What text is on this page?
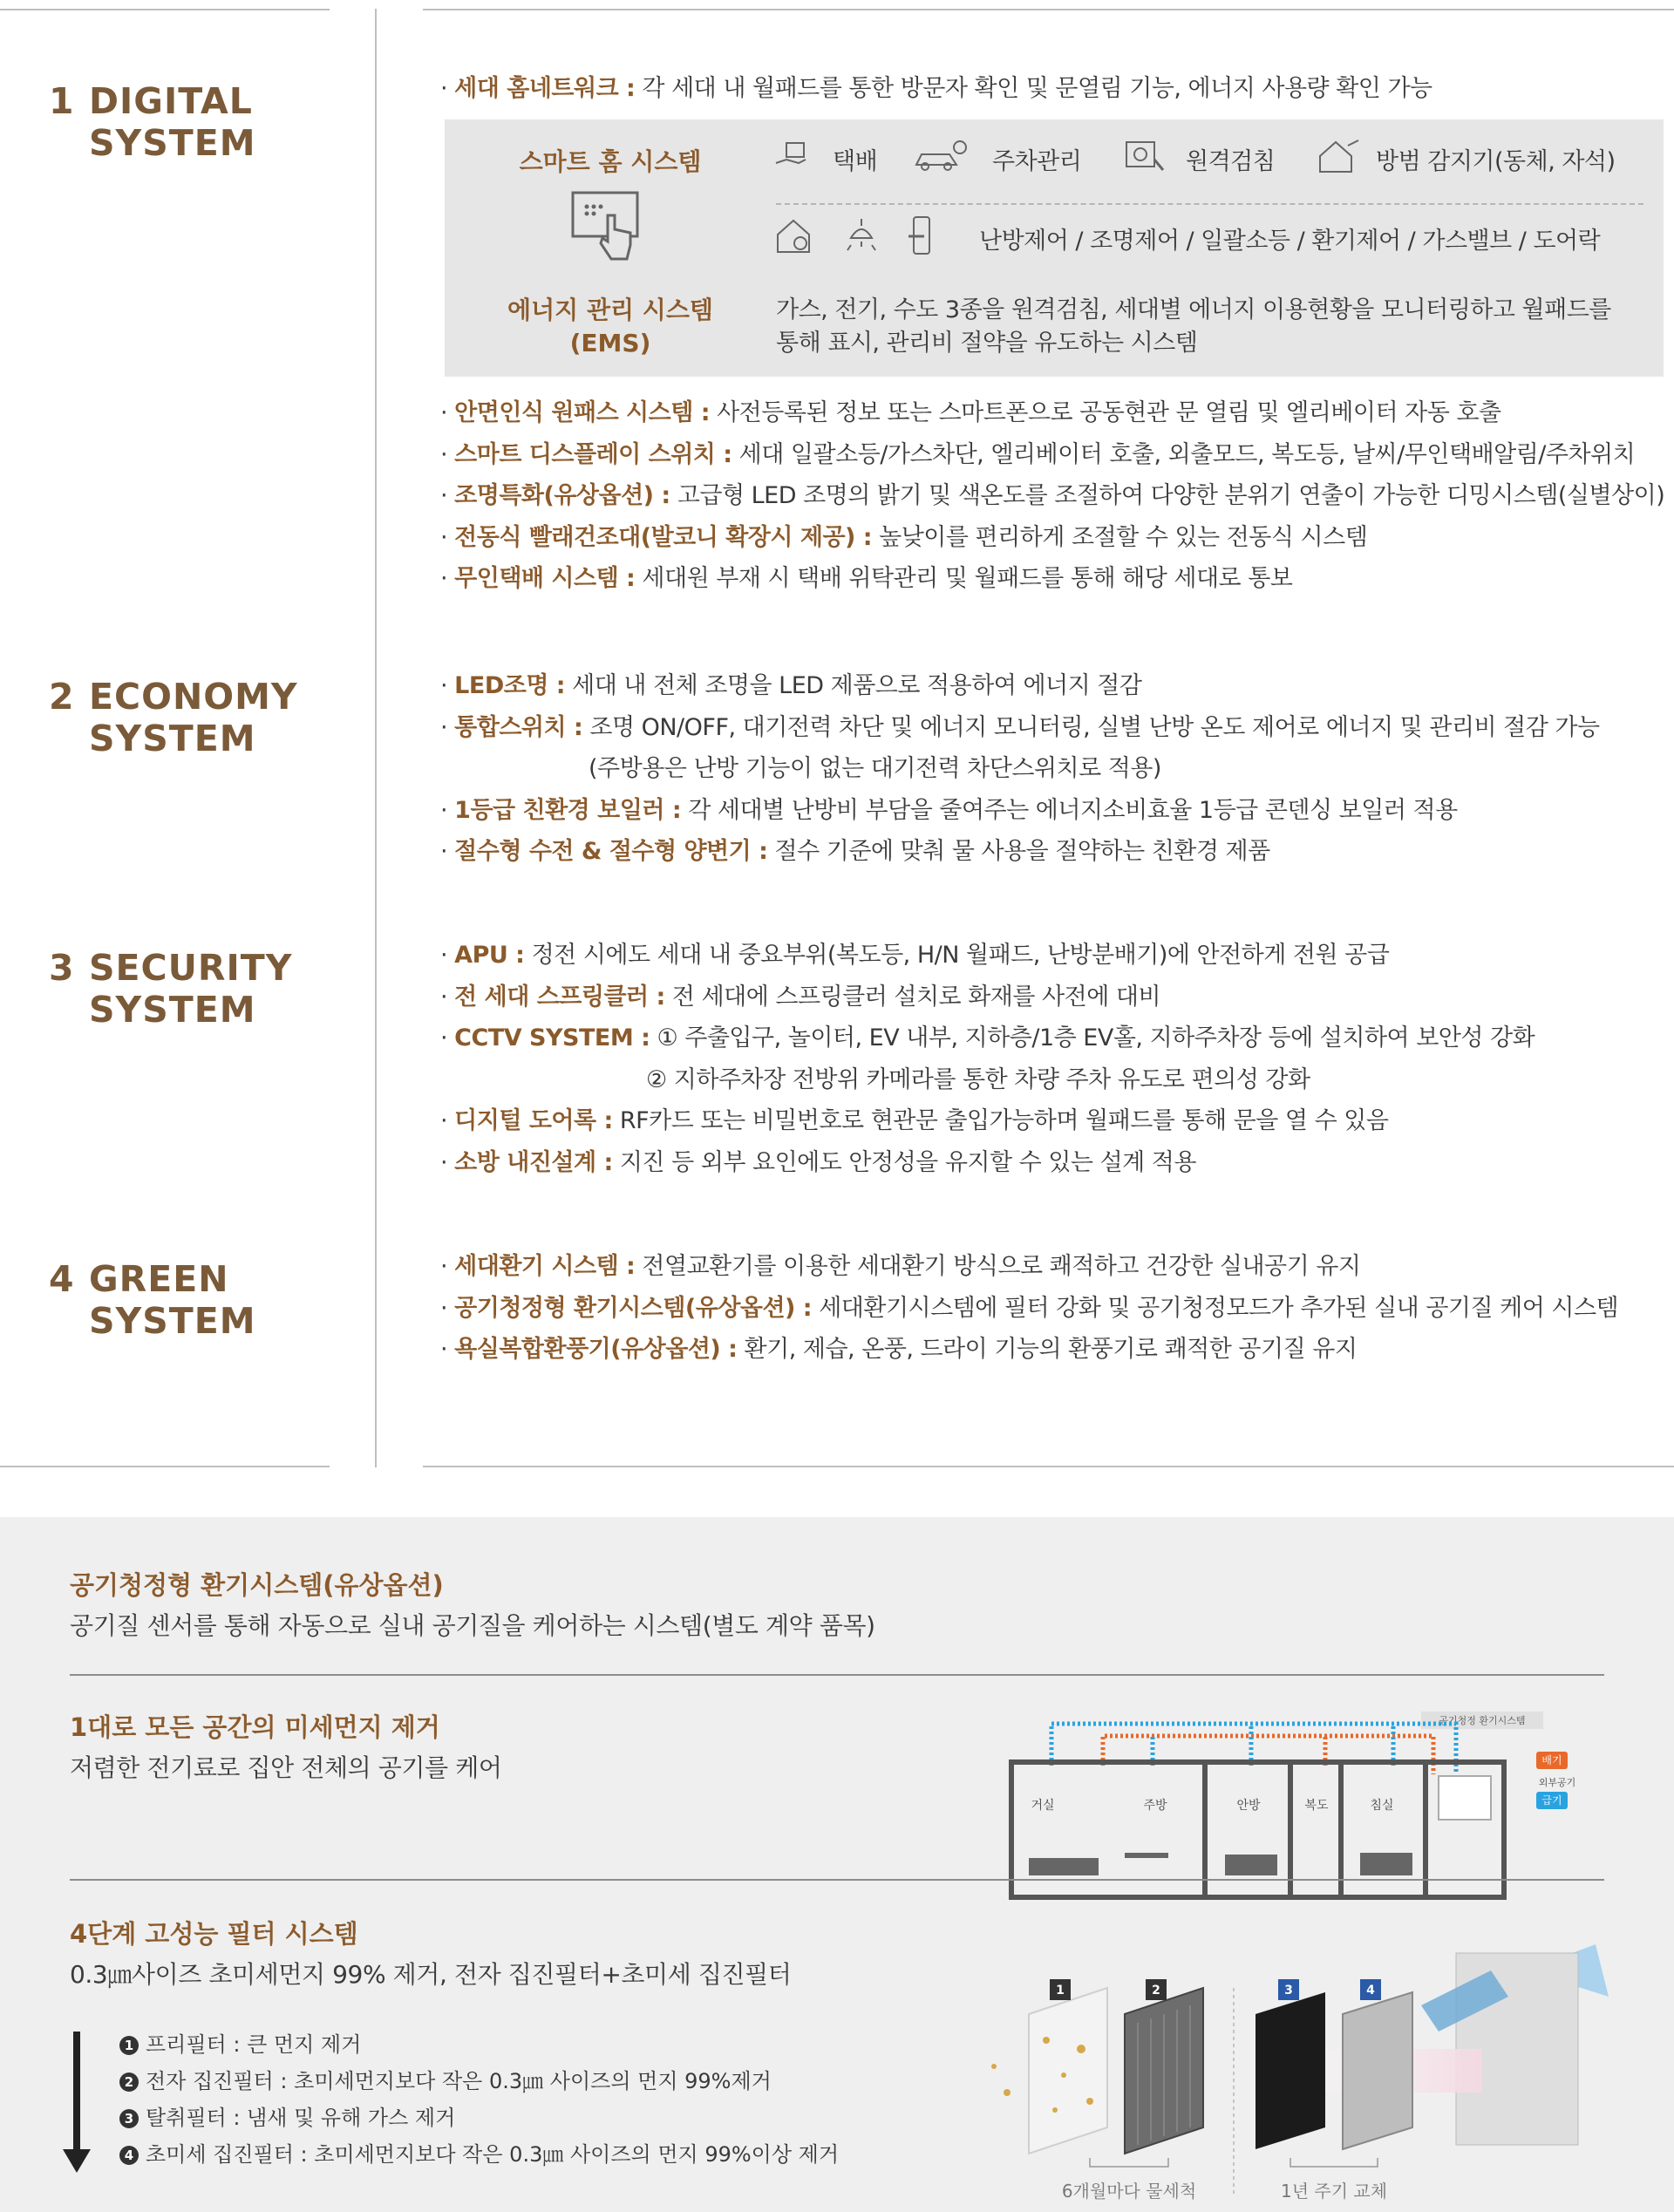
1 DIGITAL
SYSTEM
2 ECONOMY
SYSTEM
3 SECURITY
SYSTEM
4 GREEN
SYSTEM
· 세대 홈네트워크 : 각 세대 내 월패드를 통한 방문자 확인 및 문열림 기능, 에너지 사용량 확인 가능
스마트 홈 시스템
에너지 관리 시스템
(EMS)
택배	주차관리	원격검침	방범 감지기(동체, 자석)
난방제어 / 조명제어 / 일괄소등 / 환기제어 / 가스밸브 / 도어락
가스, 전기, 수도 3종을 원격검침, 세대별 에너지 이용현황을 모니터링하고 월패드를
통해 표시, 관리비 절약을 유도하는 시스템
· 안면인식 원패스 시스템 : 사전등록된 정보 또는 스마트폰으로 공동현관 문 열림 및 엘리베이터 자동 호출
· 스마트 디스플레이 스위치 : 세대 일괄소등/가스차단, 엘리베이터 호출, 외출모드, 복도등, 날씨/무인택배알림/주차위치
· 조명특화(유상옵션) : 고급형 LED 조명의 밝기 및 색온도를 조절하여 다양한 분위기 연출이 가능한 디밍시스템(실별상이)
· 전동식 빨래건조대(발코니 확장시 제공) : 높낮이를 편리하게 조절할 수 있는 전동식 시스템
· 무인택배 시스템 : 세대원 부재 시 택배 위탁관리 및 월패드를 통해 해당 세대로 통보
· LED조명 : 세대 내 전체 조명을 LED 제품으로 적용하여 에너지 절감
· 통합스위치 : 조명 ON/OFF, 대기전력 차단 및 에너지 모니터링, 실별 난방 온도 제어로 에너지 및 관리비 절감 가능
(주방용은 난방 기능이 없는 대기전력 차단스위치로 적용)
· 1등급 친환경 보일러 : 각 세대별 난방비 부담을 줄여주는 에너지소비효율 1등급 콘덴싱 보일러 적용
· 절수형 수전 & 절수형 양변기 : 절수 기준에 맞춰 물 사용을 절약하는 친환경 제품
· APU : 정전 시에도 세대 내 중요부위(복도등, H/N 월패드, 난방분배기)에 안전하게 전원 공급
· 전 세대 스프링클러 : 전 세대에 스프링클러 설치로 화재를 사전에 대비
· CCTV SYSTEM : ① 주출입구, 놀이터, EV 내부, 지하층/1층 EV홀, 지하주차장 등에 설치하여 보안성 강화
② 지하주차장 전방위 카메라를 통한 차량 주차 유도로 편의성 강화
· 디지털 도어록 : RF카드 또는 비밀번호로 현관문 출입가능하며 월패드를 통해 문을 열 수 있음
· 소방 내진설계 : 지진 등 외부 요인에도 안정성을 유지할 수 있는 설계 적용
· 세대환기 시스템 : 전열교환기를 이용한 세대환기 방식으로 쾌적하고 건강한 실내공기 유지
· 공기청정형 환기시스템(유상옵션) : 세대환기시스템에 필터 강화 및 공기청정모드가 추가된 실내 공기질 케어 시스템
· 욕실복합환풍기(유상옵션) : 환기, 제습, 온풍, 드라이 기능의 환풍기로 쾌적한 공기질 유지
공기청정형 환기시스템(유상옵션)
공기질 센서를 통해 자동으로 실내 공기질을 케어하는 시스템(별도 계약 품목)
1대로 모든 공간의 미세먼지 제거
저렴한 전기료로 집안 전체의 공기를 케어
공기청정 환기시스템
거실	주방	안방	복도	침실
배기
외부공기
급기
4단계 고성능 필터 시스템
0.3㎛사이즈 초미세먼지 99% 제거, 전자 집진필터+초미세 집진필터
1 프리필터 : 큰 먼지 제거
2 전자 집진필터 : 초미세먼지보다 작은 0.3㎛ 사이즈의 먼지 99%제거
3 탈취필터 : 냄새 및 유해 가스 제거
4 초미세 집진필터 : 초미세먼지보다 작은 0.3㎛ 사이즈의 먼지 99%이상 제거
1	2	3	4
6개월마다 물세척	1년 주기 교체
